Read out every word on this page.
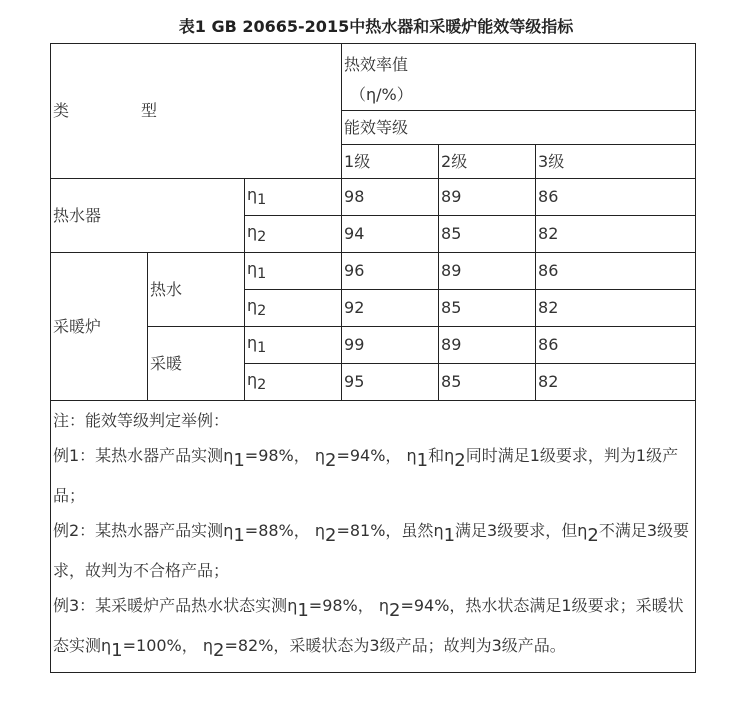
表1 GB 20665-2015中热水器和采暖炉能效等级指标
类 型			热效率值
（η/%）		

			能效等级		
			1级	2级	3级
热水器		$\eta_1$	98	89	86
		$\eta_2$	94	85	82
采暖炉	热水	$\eta_1$	96	89	86
		$\eta_2$	92	85	82
	采暖	$\eta_1$	99	89	86
		$\eta_2$	95	85	82

注：能效等级判定举例：
例1：某热水器产品实测$\eta_1=98\%$， $\eta_2=94\%$， $\eta_1$和$\eta_2$同时满足1级要求，判为1级产品；
例2：某热水器产品实测$\eta_1=88\%$， $\eta_2=81\%$，虽然$\eta_1$满足3级要求，但$\eta_2$不满足3级要求，故判为不合格产品；
例3：某采暖炉产品热水状态实测$\eta_1=98\%$， $\eta_2=94\%$，热水状态满足1级要求；采暖状态实测$\eta_1=100\%$， $\eta_2=82\%$，采暖状态为3级产品；故判为3级产品。					
